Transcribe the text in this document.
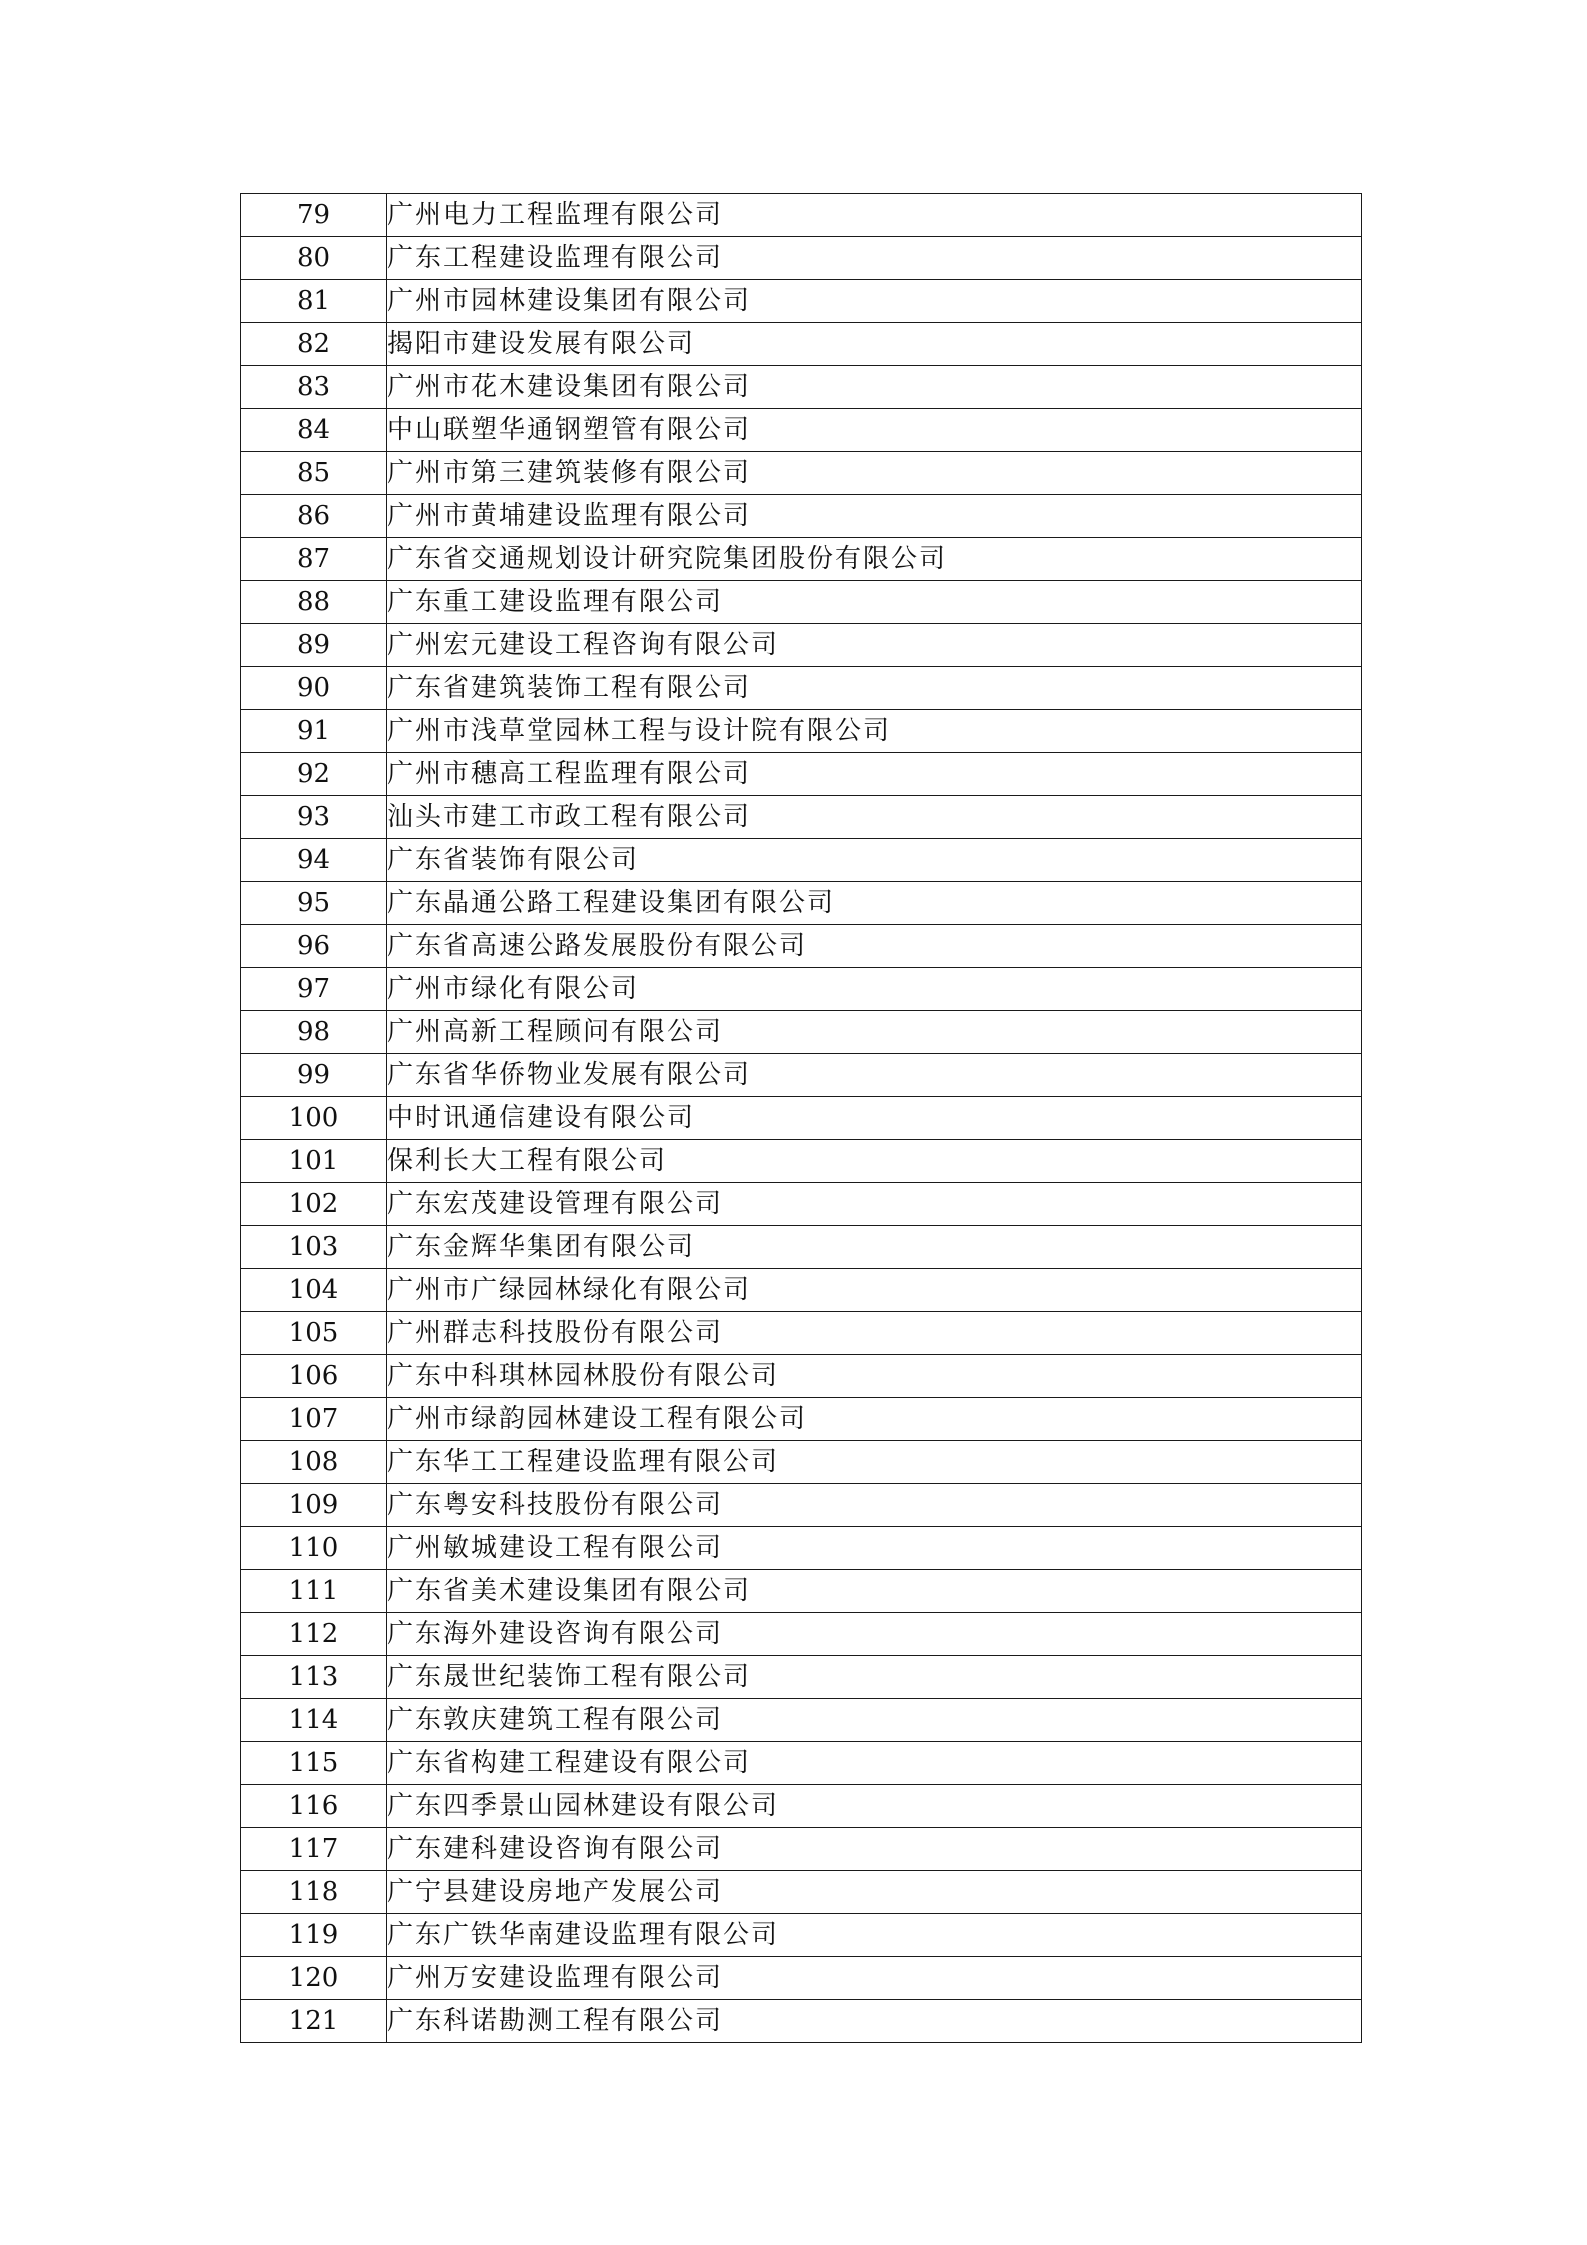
79	广州电力工程监理有限公司
80	广东工程建设监理有限公司
81	广州市园林建设集团有限公司
82	揭阳市建设发展有限公司
83	广州市花木建设集团有限公司
84	中山联塑华通钢塑管有限公司
85	广州市第三建筑装修有限公司
86	广州市黄埔建设监理有限公司
87	广东省交通规划设计研究院集团股份有限公司
88	广东重工建设监理有限公司
89	广州宏元建设工程咨询有限公司
90	广东省建筑装饰工程有限公司
91	广州市浅草堂园林工程与设计院有限公司
92	广州市穗高工程监理有限公司
93	汕头市建工市政工程有限公司
94	广东省装饰有限公司
95	广东晶通公路工程建设集团有限公司
96	广东省高速公路发展股份有限公司
97	广州市绿化有限公司
98	广州高新工程顾问有限公司
99	广东省华侨物业发展有限公司
100	中时讯通信建设有限公司
101	保利长大工程有限公司
102	广东宏茂建设管理有限公司
103	广东金辉华集团有限公司
104	广州市广绿园林绿化有限公司
105	广州群志科技股份有限公司
106	广东中科琪林园林股份有限公司
107	广州市绿韵园林建设工程有限公司
108	广东华工工程建设监理有限公司
109	广东粤安科技股份有限公司
110	广州敏城建设工程有限公司
111	广东省美术建设集团有限公司
112	广东海外建设咨询有限公司
113	广东晟世纪装饰工程有限公司
114	广东敦庆建筑工程有限公司
115	广东省构建工程建设有限公司
116	广东四季景山园林建设有限公司
117	广东建科建设咨询有限公司
118	广宁县建设房地产发展公司
119	广东广铁华南建设监理有限公司
120	广州万安建设监理有限公司
121	广东科诺勘测工程有限公司
